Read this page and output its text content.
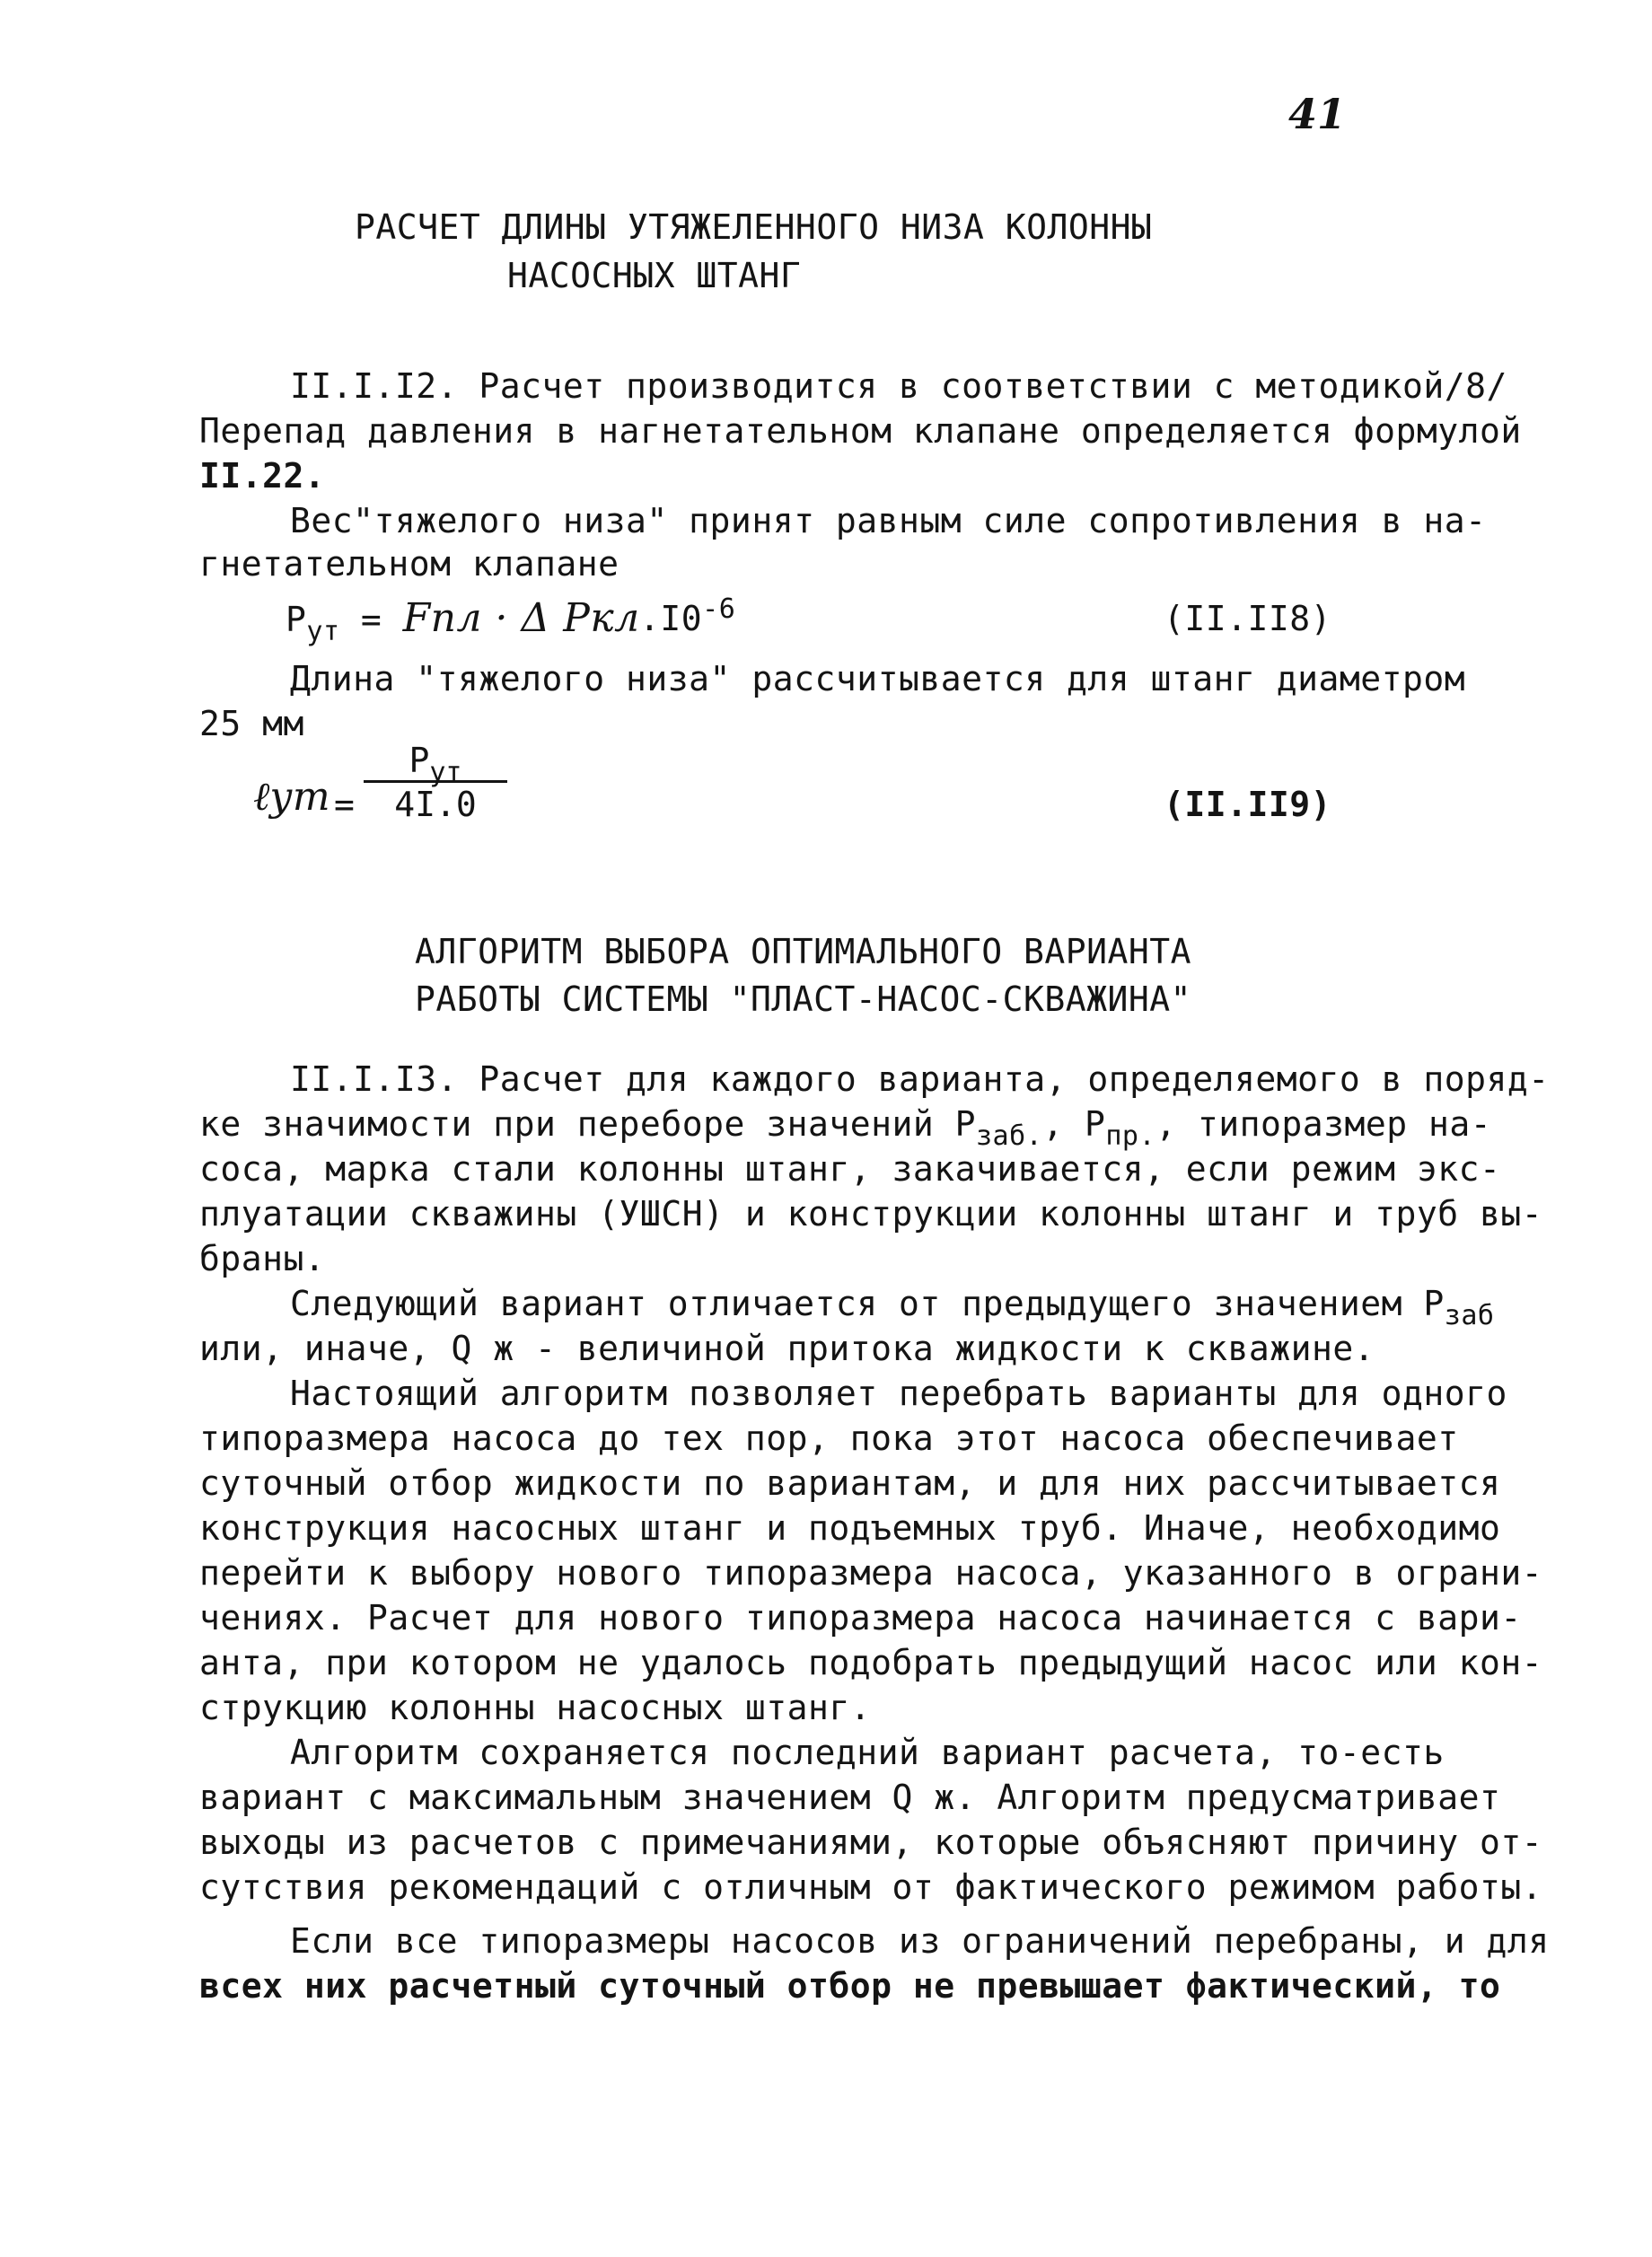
41
РАСЧЕТ ДЛИНЫ УТЯЖЕЛЕННОГО НИЗА КОЛОННЫ
НАСОСНЫХ ШТАНГ
II.I.I2. Расчет производится в соответствии с методикой/8/
Перепад давления в нагнетательном клапане определяется формулой
II.22.
Вес"тяжелого низа" принят равным силе сопротивления в на-
гнетательном клапане
$P_{ут}$ = Fпл · Δ Pкл $.I0^{-6}$	(II.II8)
Длина "тяжелого низа" рассчитывается для штанг диаметром
25 мм
ℓут =
$P_{ут}$
4I.0	(II.II9)
АЛГОРИТМ ВЫБОРА ОПТИМАЛЬНОГО ВАРИАНТА
РАБОТЫ СИСТЕМЫ "ПЛАСТ-НАСОС-СКВАЖИНА"
II.I.I3. Расчет для каждого варианта, определяемого в поряд-
ке значимости при переборе значений $P_{заб.}$, $P_{пр.}$, типоразмер на-
соса, марка стали колонны штанг, закачивается, если режим экс-
плуатации скважины (УШСН) и конструкции колонны штанг и труб вы-
браны.
Следующий вариант отличается от предыдущего значением $P_{заб}$
или, иначе, Q ж - величиной притока жидкости к скважине.
Настоящий алгоритм позволяет перебрать варианты для одного
типоразмера насоса до тех пор, пока этот насоса обеспечивает
суточный отбор жидкости по вариантам, и для них рассчитывается
конструкция насосных штанг и подъемных труб. Иначе, необходимо
перейти к выбору нового типоразмера насоса, указанного в ограни-
чениях. Расчет для нового типоразмера насоса начинается с вари-
анта, при котором не удалось подобрать предыдущий насос или кон-
струкцию колонны насосных штанг.
Алгоритм сохраняется последний вариант расчета, то-есть
вариант с максимальным значением Q ж. Алгоритм предусматривает
выходы из расчетов с примечаниями, которые объясняют причину от-
сутствия рекомендаций с отличным от фактического режимом работы.
Если все типоразмеры насосов из ограничений перебраны, и для
всех них расчетный суточный отбор не превышает фактический, то
